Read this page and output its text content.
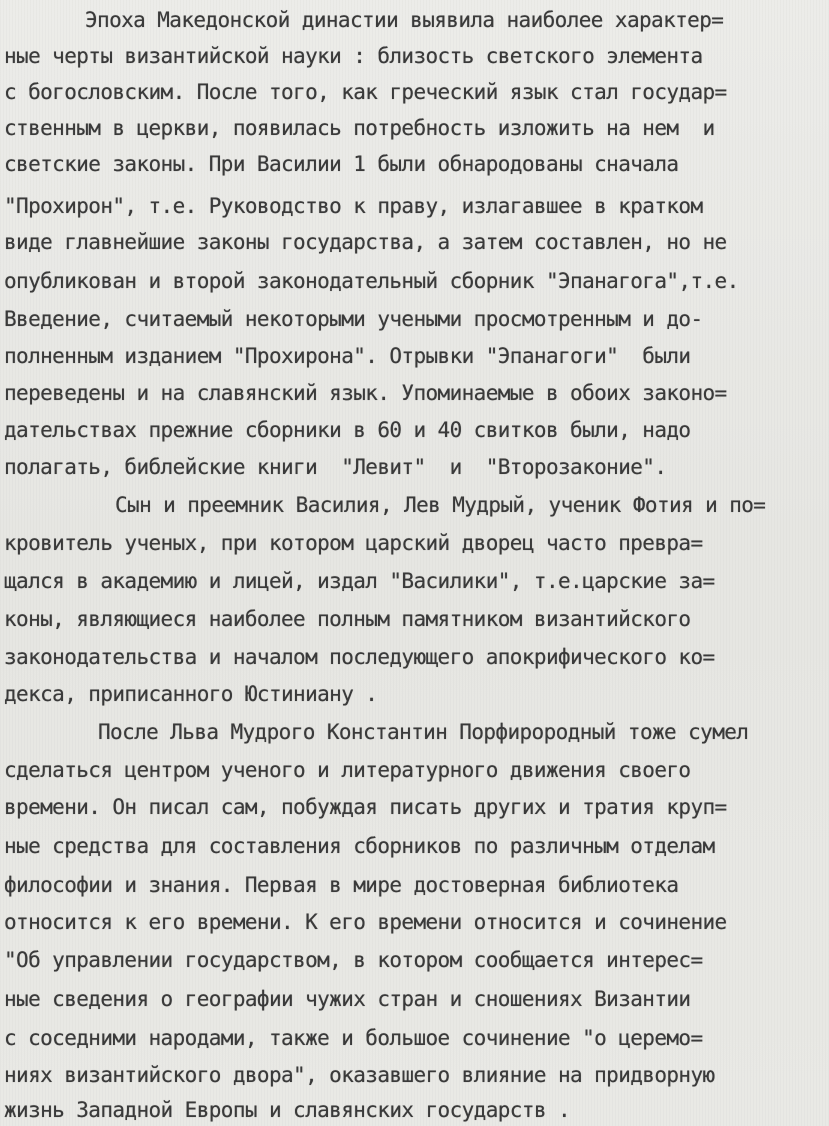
Эпоха Македонской династии выявила наиболее характер=
ные черты византийской науки : близость светского элемента
с богословским. После того, как греческий язык стал государ=
ственным в церкви, появилась потребность изложить на нем  и
светские законы. При Василии 1 были обнародованы сначала
"Прохирон", т.е. Руководство к праву, излагавшее в кратком
виде главнейшие законы государства, а затем составлен, но не
опубликован и второй законодательный сборник "Эпанагога",т.е.
Введение, считаемый некоторыми учеными просмотренным и до-
полненным изданием "Прохирона". Отрывки "Эпанагоги"  были
переведены и на славянский язык. Упоминаемые в обоих законо=
дательствах прежние сборники в 60 и 40 свитков были, надо
полагать, библейские книги  "Левит"  и  "Второзаконие".
Сын и преемник Василия, Лев Мудрый, ученик Фотия и по=
кровитель ученых, при котором царский дворец часто превра=
щался в академию и лицей, издал "Василики", т.е.царские за=
коны, являющиеся наиболее полным памятником византийского
законодательства и началом последующего апокрифического ко=
декса, приписанного Юстиниану .
После Льва Мудрого Константин Порфирородный тоже сумел
сделаться центром ученого и литературного движения своего
времени. Он писал сам, побуждая писать других и тратия круп=
ные средства для составления сборников по различным отделам
философии и знания. Первая в мире достоверная библиотека
относится к его времени. К его времени относится и сочинение
"Об управлении государством, в котором сообщается интерес=
ные сведения о географии чужих стран и сношениях Византии
с соседними народами, также и большое сочинение "о церемо=
ниях византийского двора", оказавшего влияние на придворную
жизнь Западной Европы и славянских государств .
